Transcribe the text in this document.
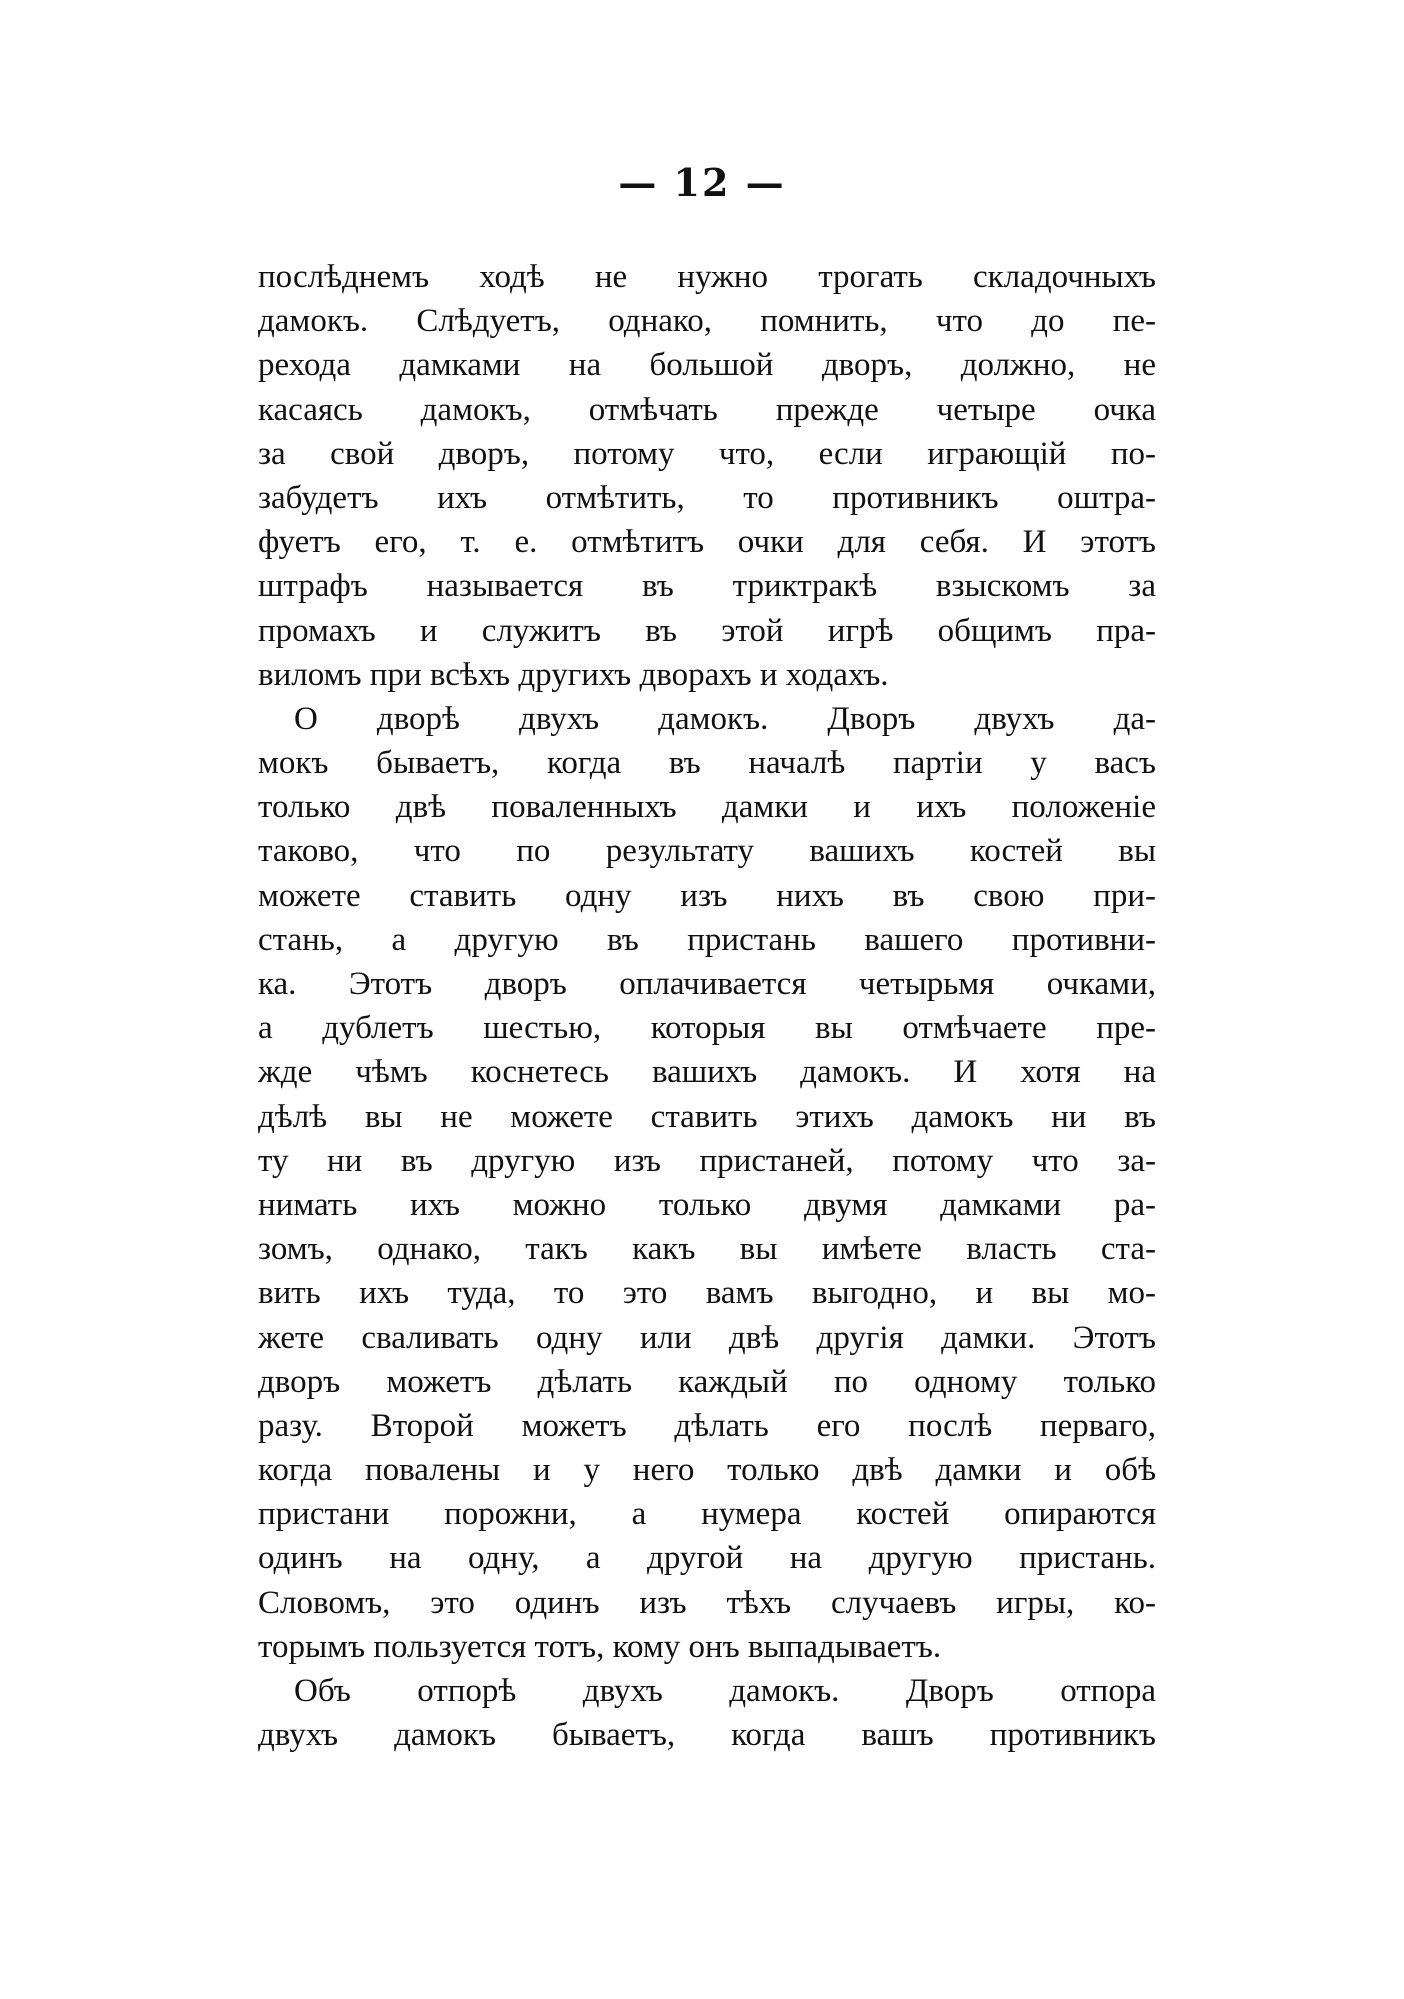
— 12 —
послѣднемъ ходѣ не нужно трогать складочныхъ
дамокъ. Слѣдуетъ, однако, помнить, что до пе-
рехода дамками на большой дворъ, должно, не
касаясь дамокъ, отмѣчать прежде четыре очка
за свой дворъ, потому что, если играющій по-
забудетъ ихъ отмѣтить, то противникъ оштра-
фуетъ его, т. е. отмѣтитъ очки для себя. И этотъ
штрафъ называется въ триктракѣ взыскомъ за
промахъ и служитъ въ этой игрѣ общимъ пра-
виломъ при всѣхъ другихъ дворахъ и ходахъ.
О дворѣ двухъ дамокъ. Дворъ двухъ да-
мокъ бываетъ, когда въ началѣ партіи у васъ
только двѣ поваленныхъ дамки и ихъ положеніе
таково, что по результату вашихъ костей вы
можете ставить одну изъ нихъ въ свою при-
стань, а другую въ пристань вашего противни-
ка. Этотъ дворъ оплачивается четырьмя очками,
а дублетъ шестью, которыя вы отмѣчаете пре-
жде чѣмъ коснетесь вашихъ дамокъ. И хотя на
дѣлѣ вы не можете ставить этихъ дамокъ ни въ
ту ни въ другую изъ пристаней, потому что за-
нимать ихъ можно только двумя дамками ра-
зомъ, однако, такъ какъ вы имѣете власть ста-
вить ихъ туда, то это вамъ выгодно, и вы мо-
жете сваливать одну или двѣ другія дамки. Этотъ
дворъ можетъ дѣлать каждый по одному только
разу. Второй можетъ дѣлать его послѣ перваго,
когда повалены и у него только двѣ дамки и обѣ
пристани порожни, а нумера костей опираются
одинъ на одну, а другой на другую пристань.
Словомъ, это одинъ изъ тѣхъ случаевъ игры, ко-
торымъ пользуется тотъ, кому онъ выпадываетъ.
Объ отпорѣ двухъ дамокъ. Дворъ отпора
двухъ дамокъ бываетъ, когда вашъ противникъ
